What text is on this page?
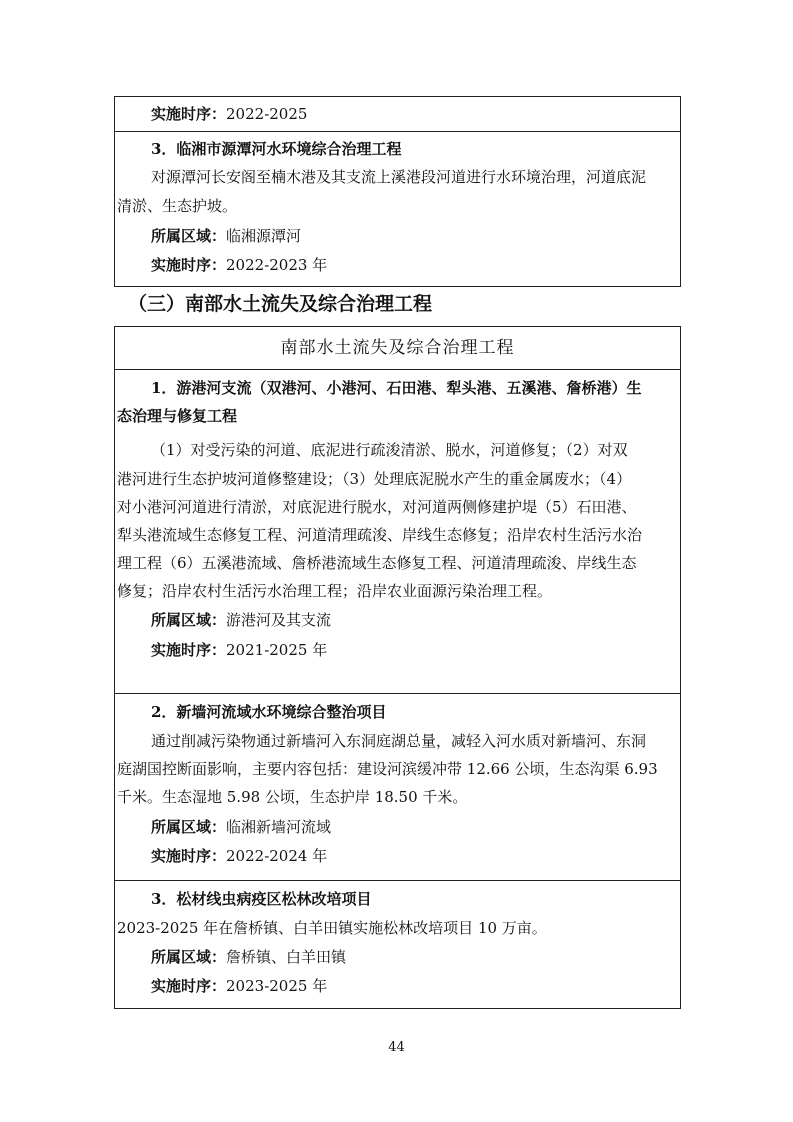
实施时序：2022-2025
3．临湘市源潭河水环境综合治理工程
对源潭河长安阁至楠木港及其支流上溪港段河道进行水环境治理，河道底泥
清淤、生态护坡。
所属区域：临湘源潭河
实施时序：2022-2023 年
（三）南部水土流失及综合治理工程
南部水土流失及综合治理工程
1．游港河支流（双港河、小港河、石田港、犁头港、五溪港、詹桥港）生
态治理与修复工程
（1）对受污染的河道、底泥进行疏浚清淤、脱水，河道修复；（2）对双
港河进行生态护坡河道修整建设；（3）处理底泥脱水产生的重金属废水；（4）
对小港河河道进行清淤，对底泥进行脱水，对河道两侧修建护堤（5）石田港、
犁头港流域生态修复工程、河道清理疏浚、岸线生态修复；沿岸农村生活污水治
理工程（6）五溪港流域、詹桥港流域生态修复工程、河道清理疏浚、岸线生态
修复；沿岸农村生活污水治理工程；沿岸农业面源污染治理工程。
所属区域：游港河及其支流
实施时序：2021-2025 年
2．新墙河流域水环境综合整治项目
通过削减污染物通过新墙河入东洞庭湖总量，减轻入河水质对新墙河、东洞
庭湖国控断面影响，主要内容包括：建设河滨缓冲带 12.66 公顷，生态沟渠 6.93
千米。生态湿地 5.98 公顷，生态护岸 18.50 千米。
所属区域：临湘新墙河流域
实施时序：2022-2024 年
3．松材线虫病疫区松林改培项目
2023-2025 年在詹桥镇、白羊田镇实施松林改培项目 10 万亩。
所属区域：詹桥镇、白羊田镇
实施时序：2023-2025 年
44
